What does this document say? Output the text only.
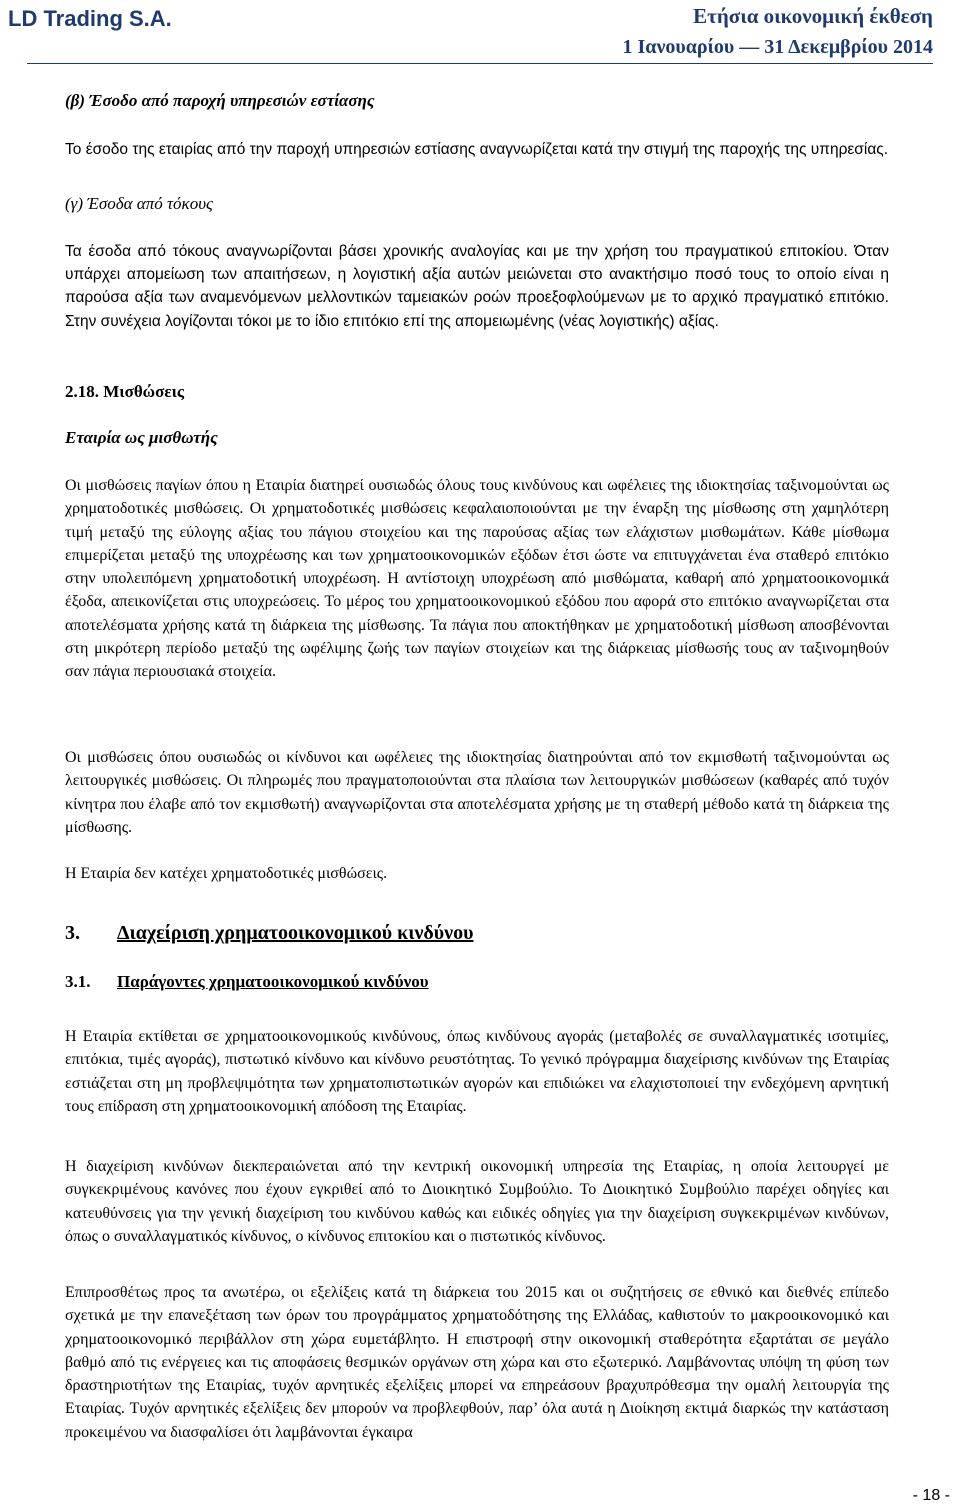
LD Trading S.A.	Ετήσια οικονομική έκθεση
1 Ιανουαρίου — 31 Δεκεμβρίου 2014
(β) Έσοδο από παροχή υπηρεσιών εστίασης
Το έσοδο της εταιρίας από την παροχή υπηρεσιών εστίασης αναγνωρίζεται κατά την στιγμή της παροχής της υπηρεσίας.
(γ) Έσοδα από τόκους
Τα έσοδα από τόκους αναγνωρίζονται βάσει χρονικής αναλογίας και με την χρήση του πραγματικού επιτοκίου. Όταν υπάρχει απομείωση των απαιτήσεων, η λογιστική αξία αυτών μειώνεται στο ανακτήσιμο ποσό τους το οποίο είναι η παρούσα αξία των αναμενόμενων μελλοντικών ταμειακών ροών προεξοφλούμενων με το αρχικό πραγματικό επιτόκιο. Στην συνέχεια λογίζονται τόκοι με το ίδιο επιτόκιο επί της απομειωμένης (νέας λογιστικής) αξίας.
2.18. Μισθώσεις
Εταιρία ως μισθωτής
Οι μισθώσεις παγίων όπου η Εταιρία διατηρεί ουσιωδώς όλους τους κινδύνους και ωφέλειες της ιδιοκτησίας ταξινομούνται ως χρηματοδοτικές μισθώσεις. Οι χρηματοδοτικές μισθώσεις κεφαλαιοποιούνται με την έναρξη της μίσθωσης στη χαμηλότερη τιμή μεταξύ της εύλογης αξίας του πάγιου στοιχείου και της παρούσας αξίας των ελάχιστων μισθωμάτων. Κάθε μίσθωμα επιμερίζεται μεταξύ της υποχρέωσης και των χρηματοοικονομικών εξόδων έτσι ώστε να επιτυγχάνεται ένα σταθερό επιτόκιο στην υπολειπόμενη χρηματοδοτική υποχρέωση. Η αντίστοιχη υποχρέωση από μισθώματα, καθαρή από χρηματοοικονομικά έξοδα, απεικονίζεται στις υποχρεώσεις. Το μέρος του χρηματοοικονομικού εξόδου που αφορά στο επιτόκιο αναγνωρίζεται στα αποτελέσματα χρήσης κατά τη διάρκεια της μίσθωσης. Τα πάγια που αποκτήθηκαν με χρηματοδοτική μίσθωση αποσβένονται στη μικρότερη περίοδο μεταξύ της ωφέλιμης ζωής των παγίων στοιχείων και της διάρκειας μίσθωσής τους αν ταξινομηθούν σαν πάγια περιουσιακά στοιχεία.
Οι μισθώσεις όπου ουσιωδώς οι κίνδυνοι και ωφέλειες της ιδιοκτησίας διατηρούνται από τον εκμισθωτή ταξινομούνται ως λειτουργικές μισθώσεις. Οι πληρωμές που πραγματοποιούνται στα πλαίσια των λειτουργικών μισθώσεων (καθαρές από τυχόν κίνητρα που έλαβε από τον εκμισθωτή) αναγνωρίζονται στα αποτελέσματα χρήσης με τη σταθερή μέθοδο κατά τη διάρκεια της μίσθωσης.
Η Εταιρία δεν κατέχει χρηματοδοτικές μισθώσεις.
3. Διαχείριση χρηματοοικονομικού κινδύνου
3.1. Παράγοντες χρηματοοικονομικού κινδύνου
Η Εταιρία εκτίθεται σε χρηματοοικονομικούς κινδύνους, όπως κινδύνους αγοράς (μεταβολές σε συναλλαγματικές ισοτιμίες, επιτόκια, τιμές αγοράς), πιστωτικό κίνδυνο και κίνδυνο ρευστότητας. Το γενικό πρόγραμμα διαχείρισης κινδύνων της Εταιρίας εστιάζεται στη μη προβλεψιμότητα των χρηματοπιστωτικών αγορών και επιδιώκει να ελαχιστοποιεί την ενδεχόμενη αρνητική τους επίδραση στη χρηματοοικονομική απόδοση της Εταιρίας.
Η διαχείριση κινδύνων διεκπεραιώνεται από την κεντρική οικονομική υπηρεσία της Εταιρίας, η οποία λειτουργεί με συγκεκριμένους κανόνες που έχουν εγκριθεί από το Διοικητικό Συμβούλιο. Το Διοικητικό Συμβούλιο παρέχει οδηγίες και κατευθύνσεις για την γενική διαχείριση του κινδύνου καθώς και ειδικές οδηγίες για την διαχείριση συγκεκριμένων κινδύνων, όπως ο συναλλαγματικός κίνδυνος, ο κίνδυνος επιτοκίου και ο πιστωτικός κίνδυνος.
Επιπροσθέτως προς τα ανωτέρω, οι εξελίξεις κατά τη διάρκεια του 2015 και οι συζητήσεις σε εθνικό και διεθνές επίπεδο σχετικά με την επανεξέταση των όρων του προγράμματος χρηματοδότησης της Ελλάδας, καθιστούν το μακροοικονομικό και χρηματοοικονομικό περιβάλλον στη χώρα ευμετάβλητο. Η επιστροφή στην οικονομική σταθερότητα εξαρτάται σε μεγάλο βαθμό από τις ενέργειες και τις αποφάσεις θεσμικών οργάνων στη χώρα και στο εξωτερικό. Λαμβάνοντας υπόψη τη φύση των δραστηριοτήτων της Εταιρίας, τυχόν αρνητικές εξελίξεις μπορεί να επηρεάσουν βραχυπρόθεσμα την ομαλή λειτουργία της Εταιρίας. Τυχόν αρνητικές εξελίξεις δεν μπορούν να προβλεφθούν, παρ’ όλα αυτά η Διοίκηση εκτιμά διαρκώς την κατάσταση προκειμένου να διασφαλίσει ότι λαμβάνονται έγκαιρα
- 18 -
